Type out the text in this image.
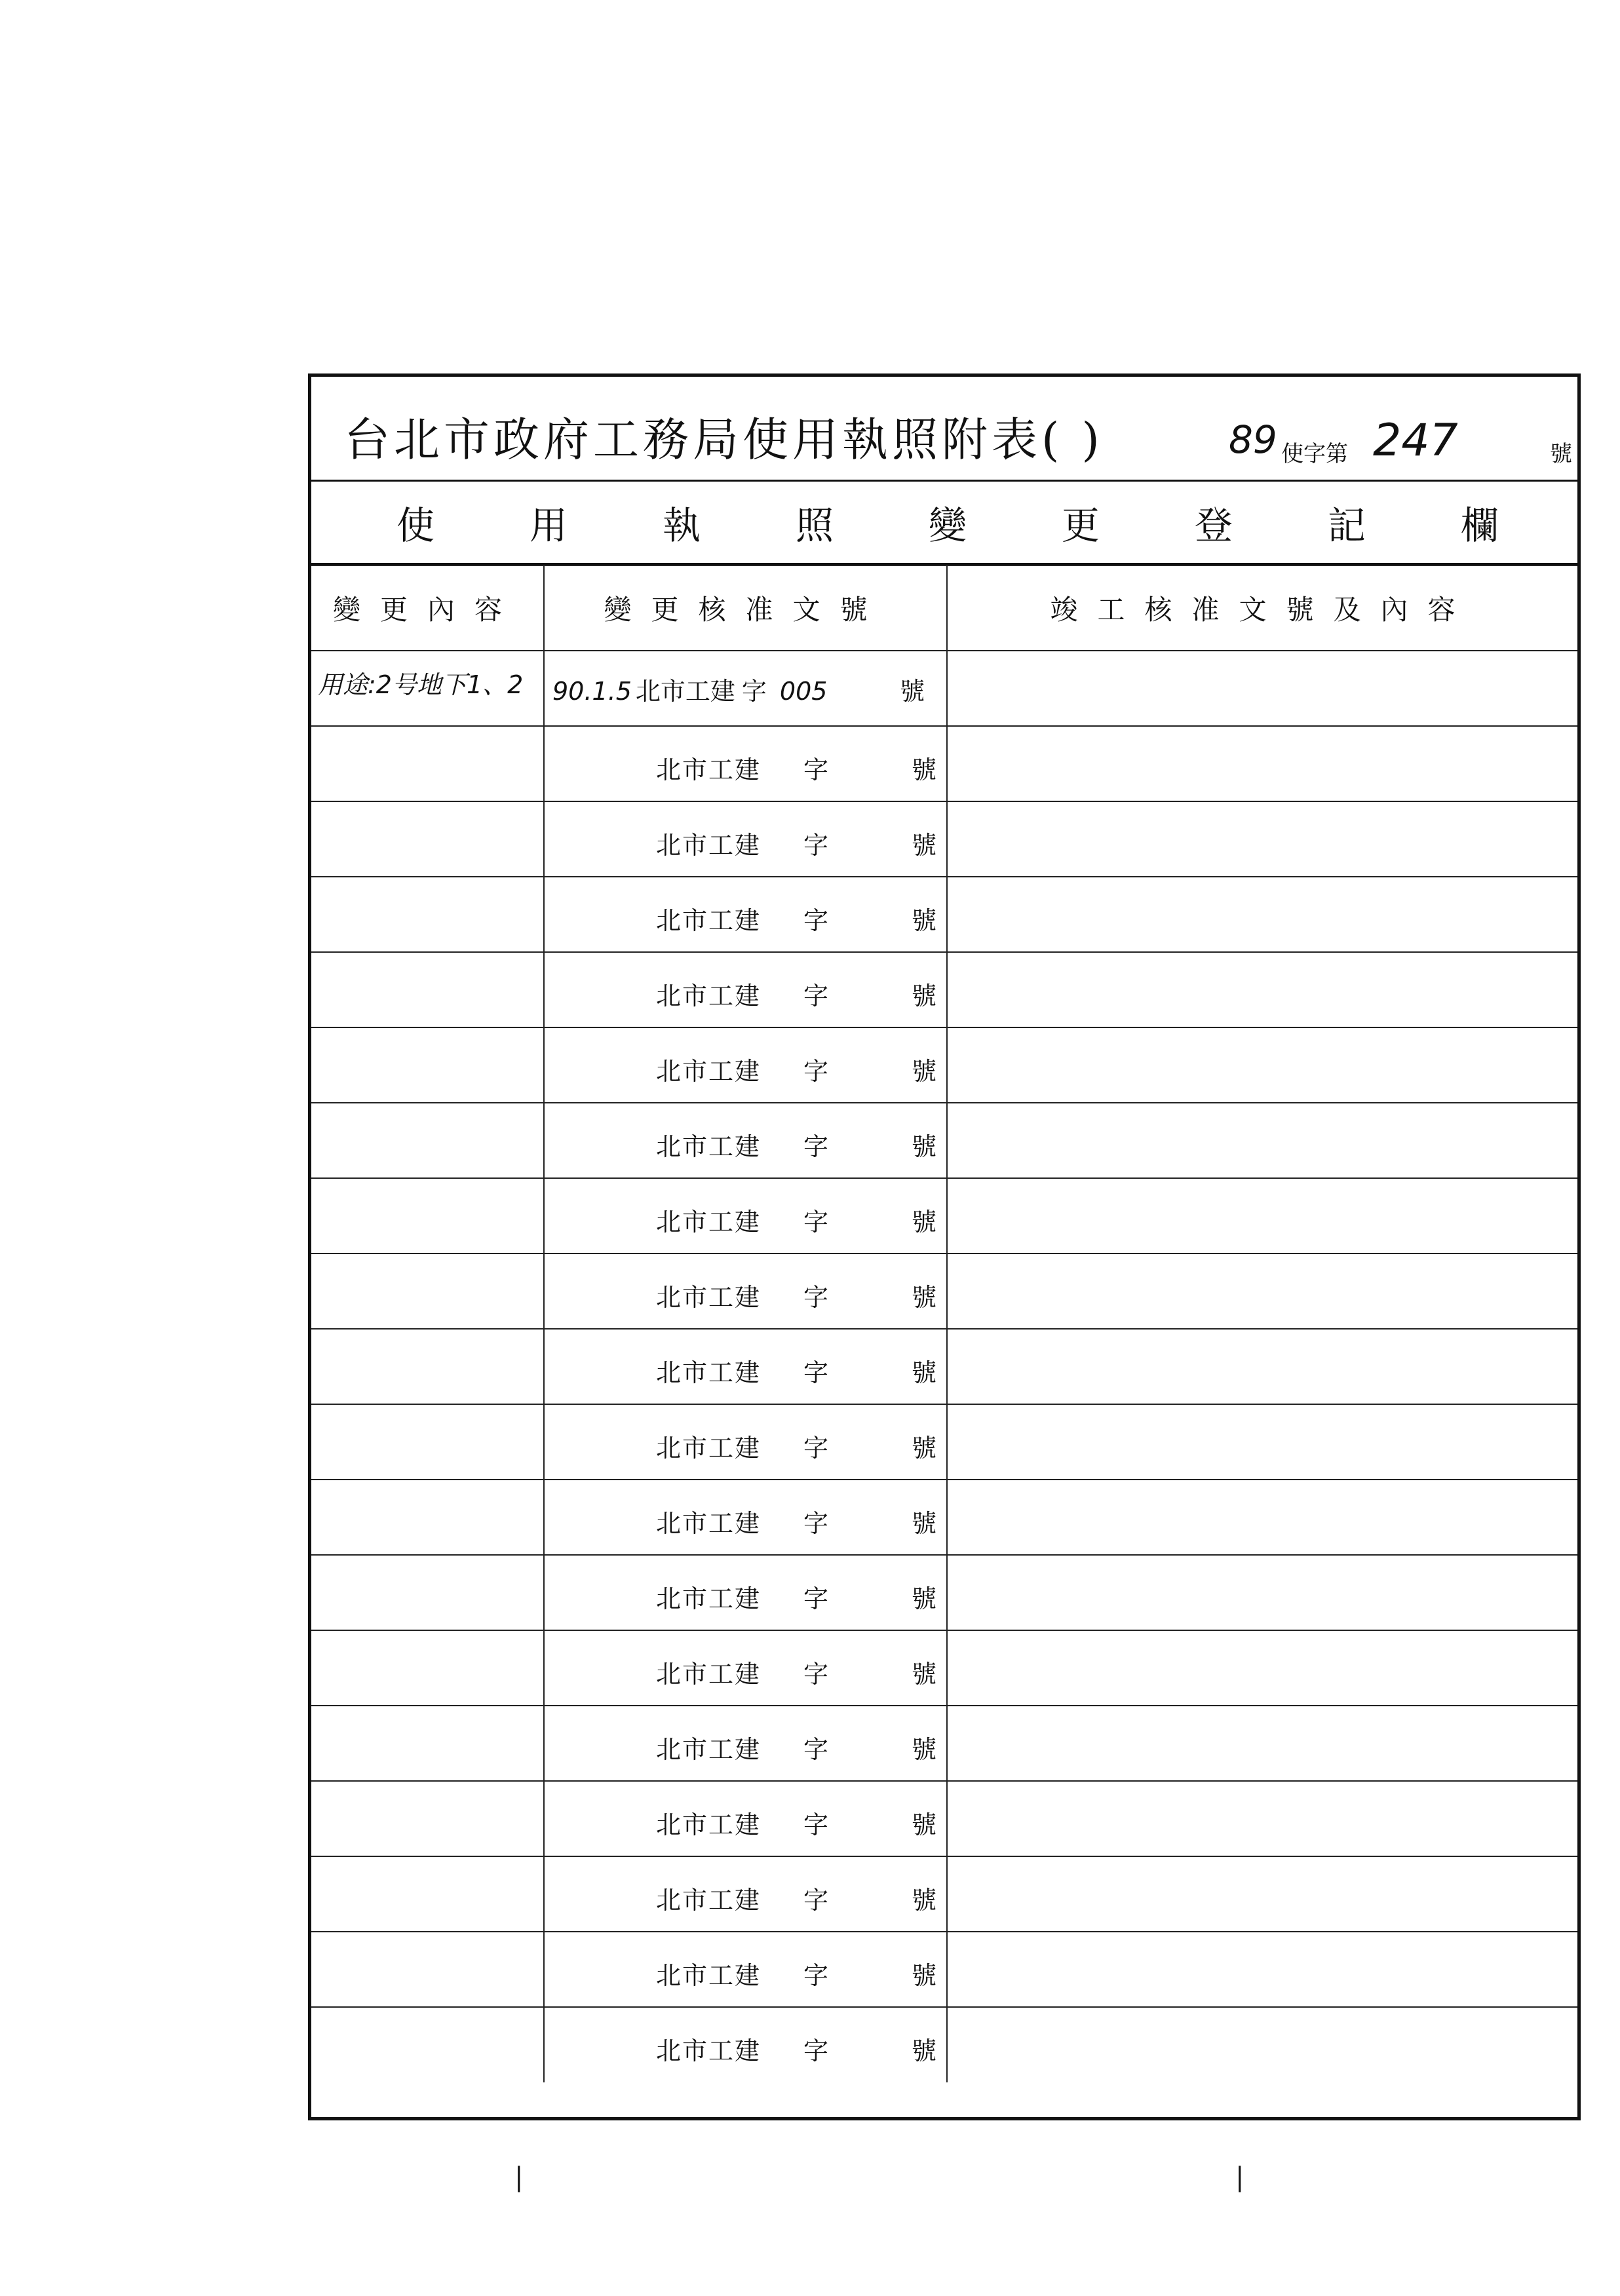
台北市政府工務局使用執照附表( )	89 使字第 247	號
使 用 執 照 變 更 登 記 欄
變更內容	變更核准文號	竣工核准文號及內容

用途:2号地下1、2	90.1.5 北市工建 字 005 號	

	北市工建 字 號	

	北市工建 字 號	

	北市工建 字 號	

	北市工建 字 號	

	北市工建 字 號	

	北市工建 字 號	

	北市工建 字 號	

	北市工建 字 號	

	北市工建 字 號	

	北市工建 字 號	

	北市工建 字 號	

	北市工建 字 號	

	北市工建 字 號	

	北市工建 字 號	

	北市工建 字 號	

	北市工建 字 號	

	北市工建 字 號	

	北市工建 字 號	

|	|
